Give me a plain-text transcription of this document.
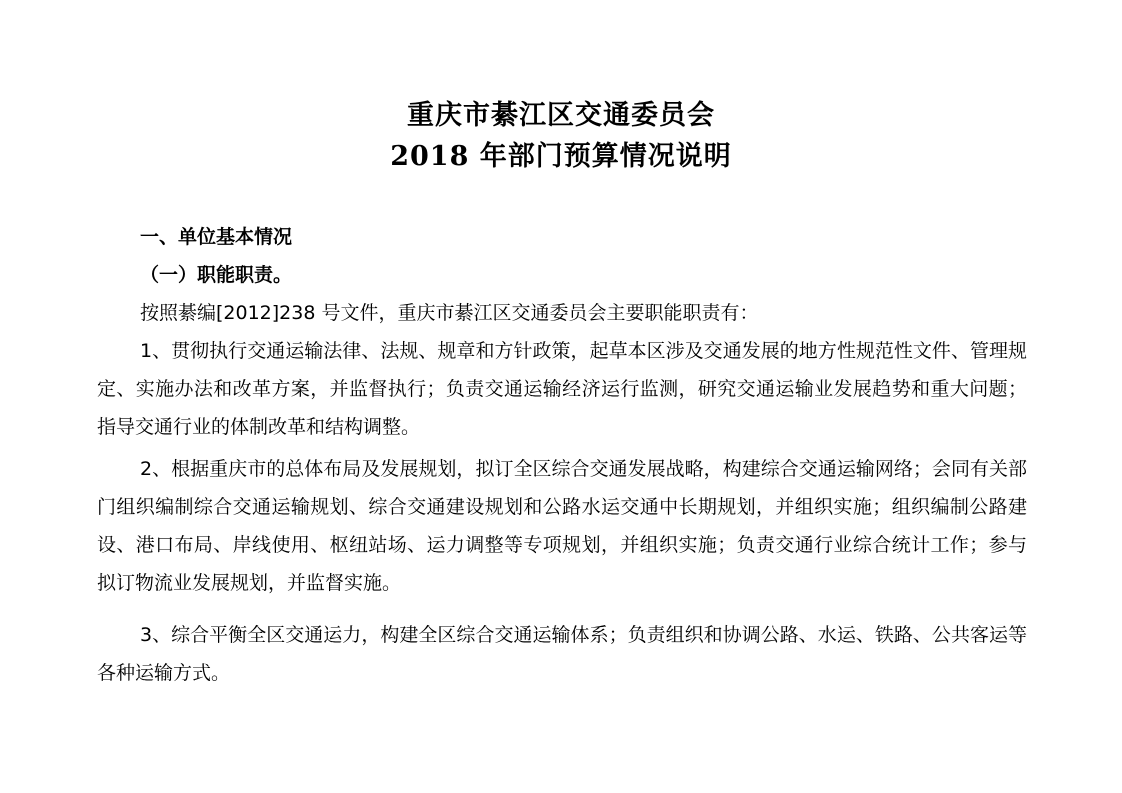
重庆市綦江区交通委员会
2018 年部门预算情况说明
一、单位基本情况
（一）职能职责。
按照綦编[2012]238 号文件，重庆市綦江区交通委员会主要职能职责有：
1、贯彻执行交通运输法律、法规、规章和方针政策，起草本区涉及交通发展的地方性规范性文件、管理规定、实施办法和改革方案，并监督执行；负责交通运输经济运行监测，研究交通运输业发展趋势和重大问题；指导交通行业的体制改革和结构调整。
2、根据重庆市的总体布局及发展规划，拟订全区综合交通发展战略，构建综合交通运输网络；会同有关部门组织编制综合交通运输规划、综合交通建设规划和公路水运交通中长期规划，并组织实施；组织编制公路建设、港口布局、岸线使用、枢纽站场、运力调整等专项规划，并组织实施；负责交通行业综合统计工作；参与拟订物流业发展规划，并监督实施。
3、综合平衡全区交通运力，构建全区综合交通运输体系；负责组织和协调公路、水运、铁路、公共客运等各种运输方式。
